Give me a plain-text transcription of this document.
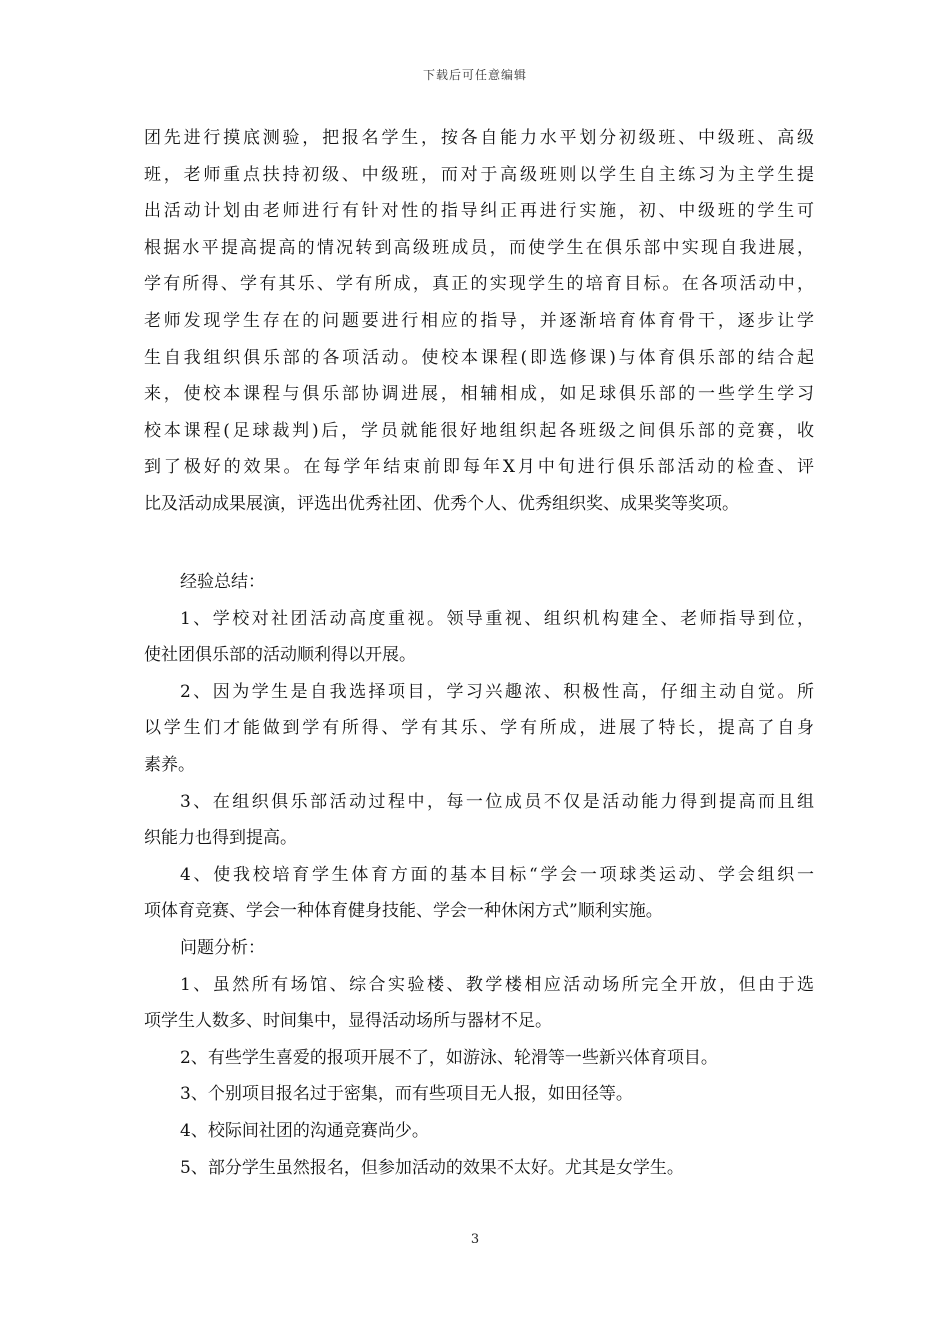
下载后可任意编辑
团先进行摸底测验，把报名学生，按各自能力水平划分初级班、中级班、高级
班，老师重点扶持初级、中级班，而对于高级班则以学生自主练习为主学生提
出活动计划由老师进行有针对性的指导纠正再进行实施，初、中级班的学生可
根据水平提高提高的情况转到高级班成员，而使学生在俱乐部中实现自我进展，
学有所得、学有其乐、学有所成，真正的实现学生的培育目标。在各项活动中，
老师发现学生存在的问题要进行相应的指导，并逐渐培育体育骨干，逐步让学
生自我组织俱乐部的各项活动。使校本课程(即选修课)与体育俱乐部的结合起
来，使校本课程与俱乐部协调进展，相辅相成，如足球俱乐部的一些学生学习
校本课程(足球裁判)后，学员就能很好地组织起各班级之间俱乐部的竞赛，收
到了极好的效果。在每学年结束前即每年X月中旬进行俱乐部活动的检查、评
比及活动成果展演，评选出优秀社团、优秀个人、优秀组织奖、成果奖等奖项。
经验总结：
1、学校对社团活动高度重视。领导重视、组织机构建全、老师指导到位，
使社团俱乐部的活动顺利得以开展。
2、因为学生是自我选择项目，学习兴趣浓、积极性高，仔细主动自觉。所
以学生们才能做到学有所得、学有其乐、学有所成，进展了特长，提高了自身
素养。
3、在组织俱乐部活动过程中，每一位成员不仅是活动能力得到提高而且组
织能力也得到提高。
4、使我校培育学生体育方面的基本目标“学会一项球类运动、学会组织一
项体育竞赛、学会一种体育健身技能、学会一种休闲方式”顺利实施。
问题分析：
1、虽然所有场馆、综合实验楼、教学楼相应活动场所完全开放，但由于选
项学生人数多、时间集中，显得活动场所与器材不足。
2、有些学生喜爱的报项开展不了，如游泳、轮滑等一些新兴体育项目。
3、个别项目报名过于密集，而有些项目无人报，如田径等。
4、校际间社团的沟通竞赛尚少。
5、部分学生虽然报名，但参加活动的效果不太好。尤其是女学生。
3
